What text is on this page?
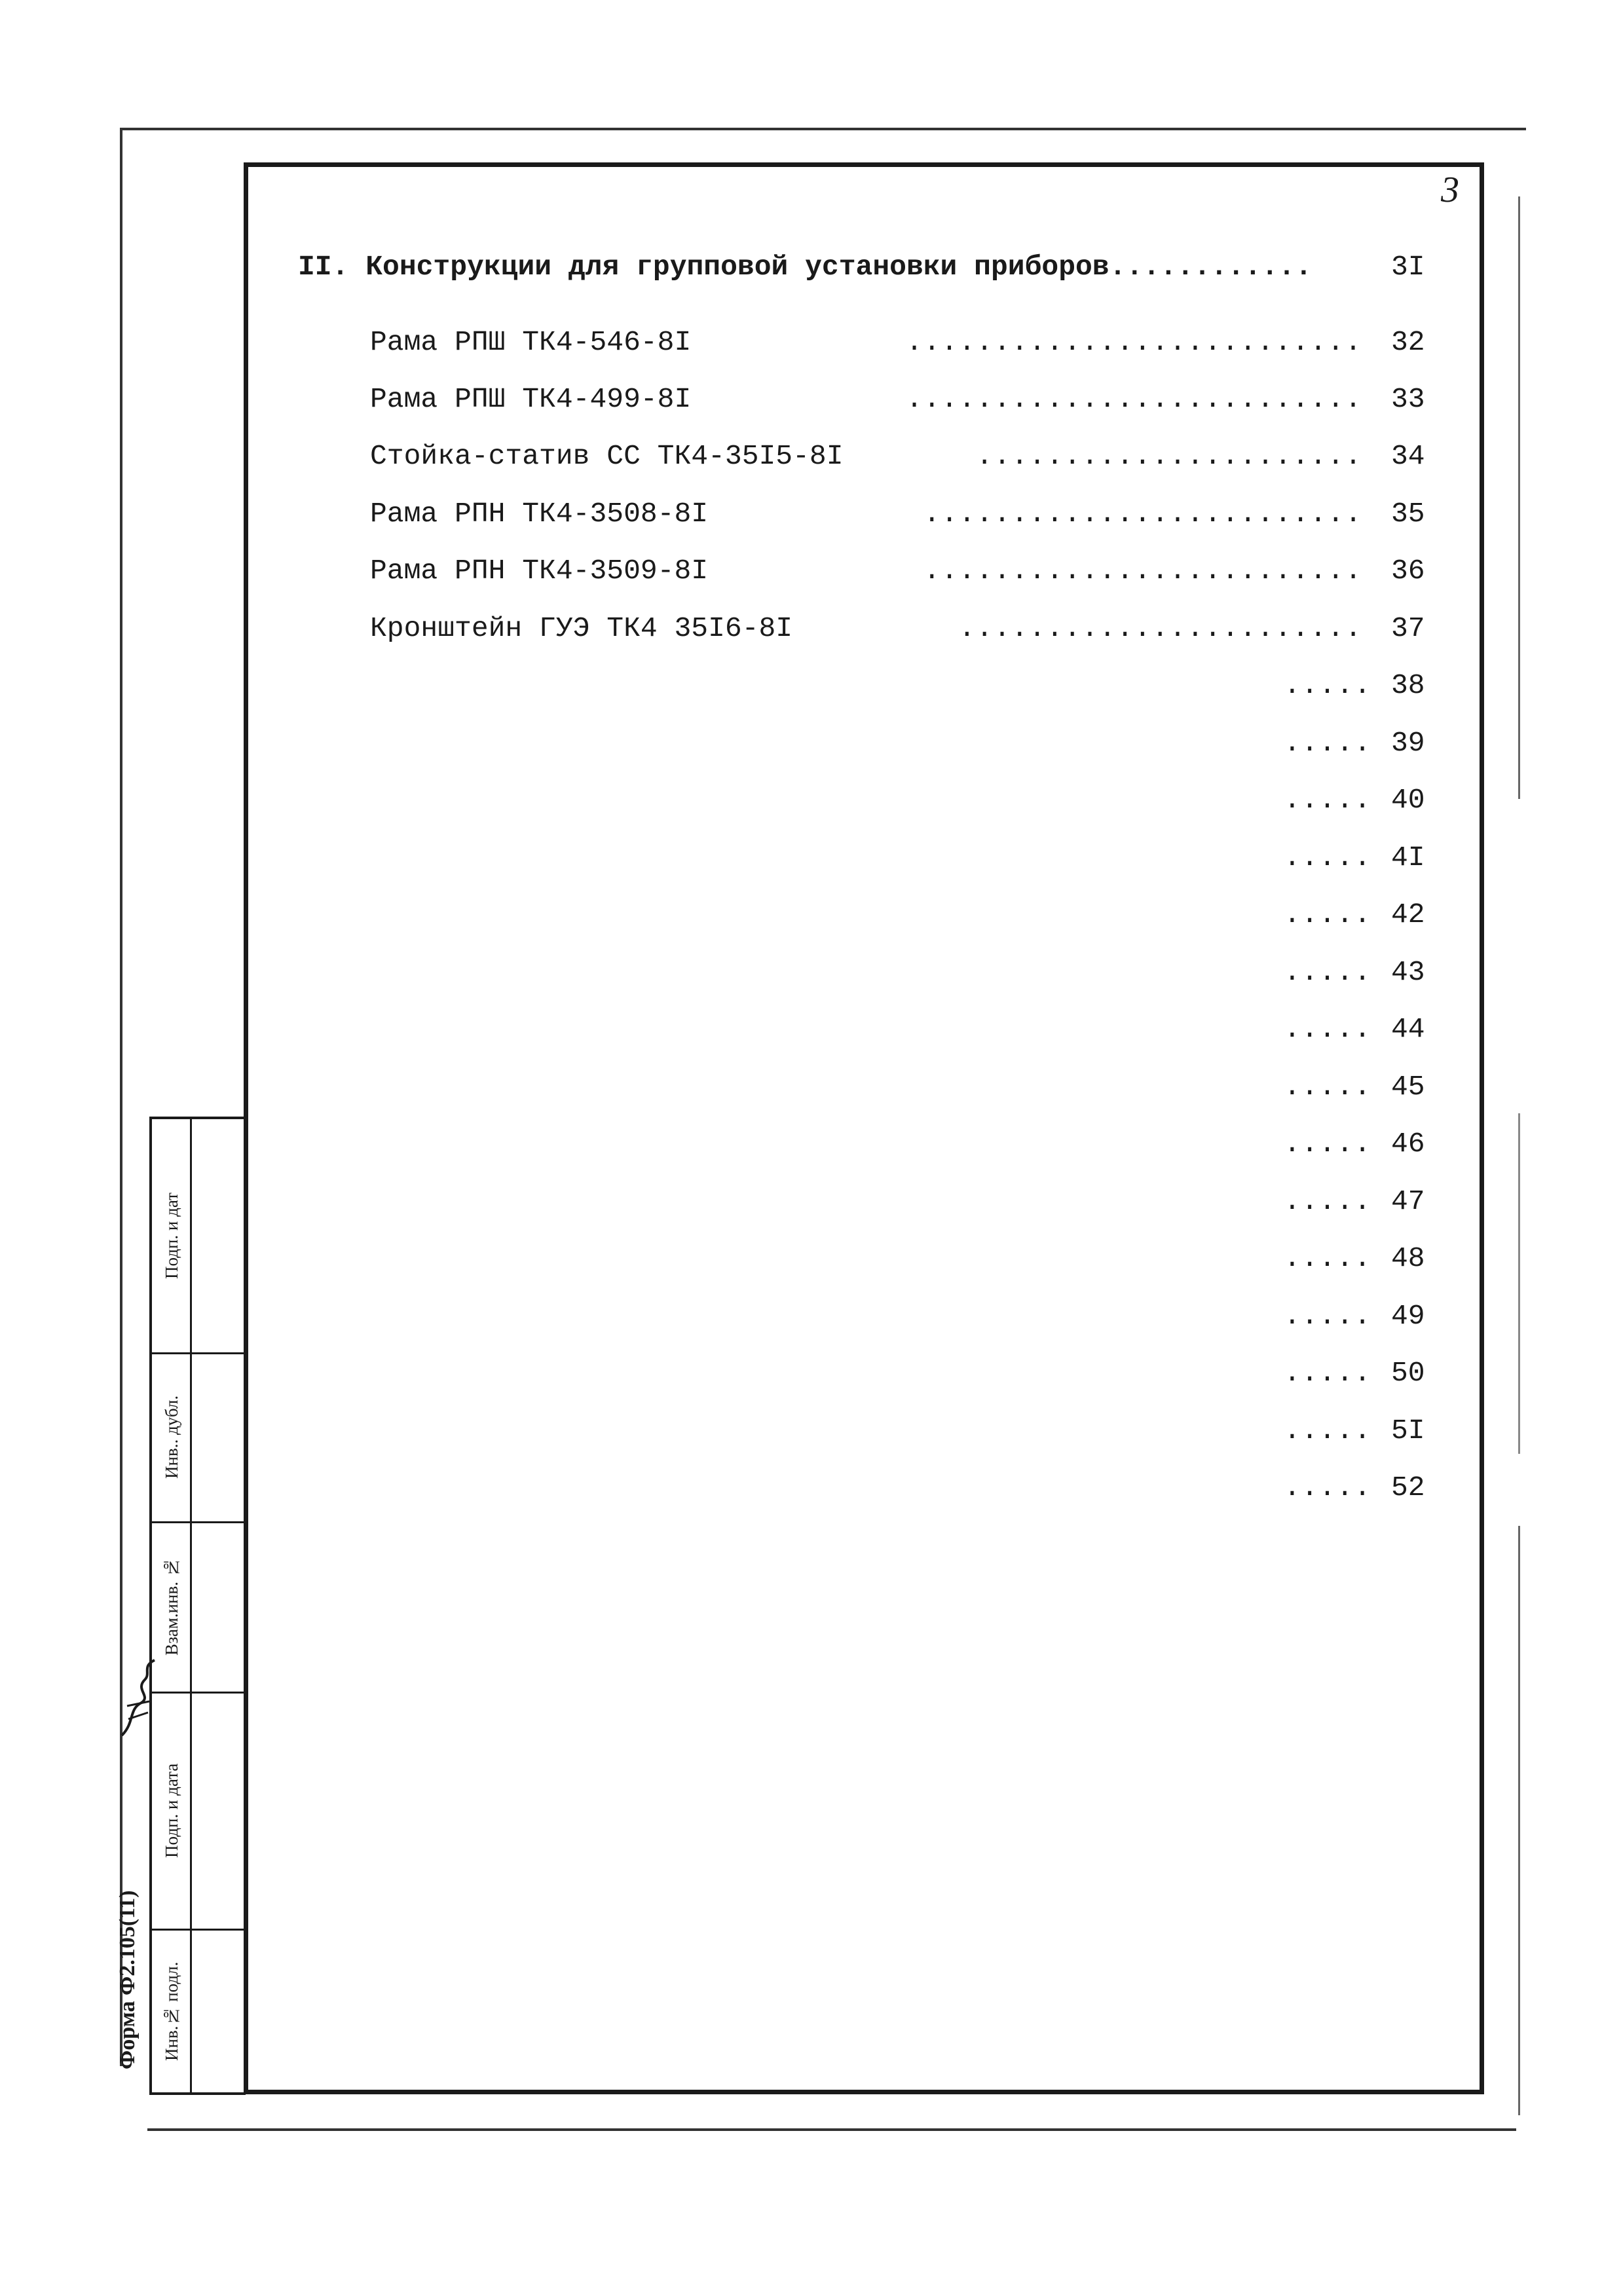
Инв.№ подл.
Подп. и дата
Взам.инв. №
Инв.. дубл.
Подп. и дат
Форма Ф2.105(11)
3
II. Конструкции для групповой установки приборов............	3I
Рама РПШ ТК4-546-8I	.......................... 32
Рама РПШ ТК4-499-8I	.......................... 33
Стойка-статив СС ТК4-35I5-8I	...................... 34
Рама РПН ТК4-3508-8I	......................... 35
Рама РПН ТК4-3509-8I	......................... 36
Кронштейн ГУЭ ТК4 35I6-8I	....................... 37
..... 38
..... 39
..... 40
..... 4I
..... 42
..... 43
..... 44
..... 45
..... 46
..... 47
..... 48
..... 49
..... 50
..... 5I
..... 52
